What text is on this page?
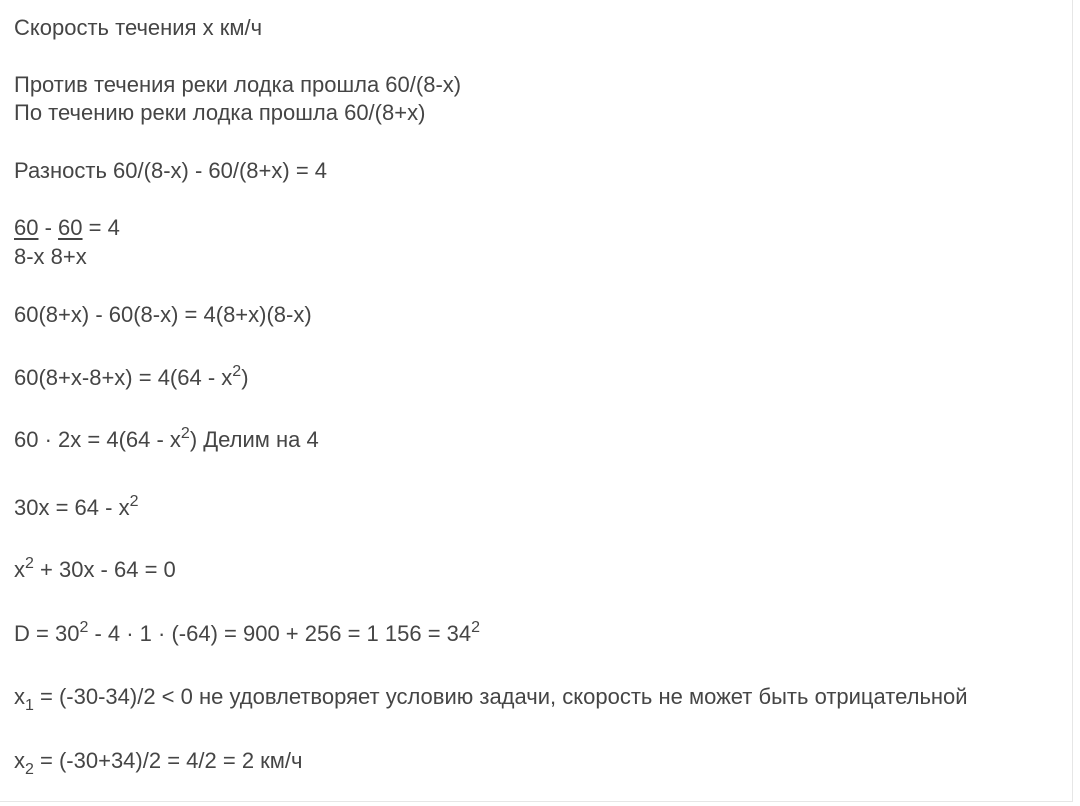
Скорость течения х км/ч

Против течения реки лодка прошла 60/(8-х)

По течению реки лодка прошла 60/(8+х)

Разность 60/(8-х) - 60/(8+х) = 4

60 - 60 = 4

8-х 8+х

60(8+х) - 60(8-х) = 4(8+х)(8-х)

$60(8+х-8+х) = 4(64 - х^2)$

$60 \cdot 2х = 4(64 - х^2)$ Делим на 4

$30х = 64 - х^2$

$х^2 + 30х - 64 = 0$

$D = 30^2 - 4 \cdot 1 \cdot (-64) = 900 + 256 = 1$ $156 = 34^2$

$х_1 = (-30-34)/2 < 0$ не удовлетворяет условию задачи, скорость не может быть отрицательной

$х_2 = (-30+34)/2 = 4/2 = 2$ км/ч
